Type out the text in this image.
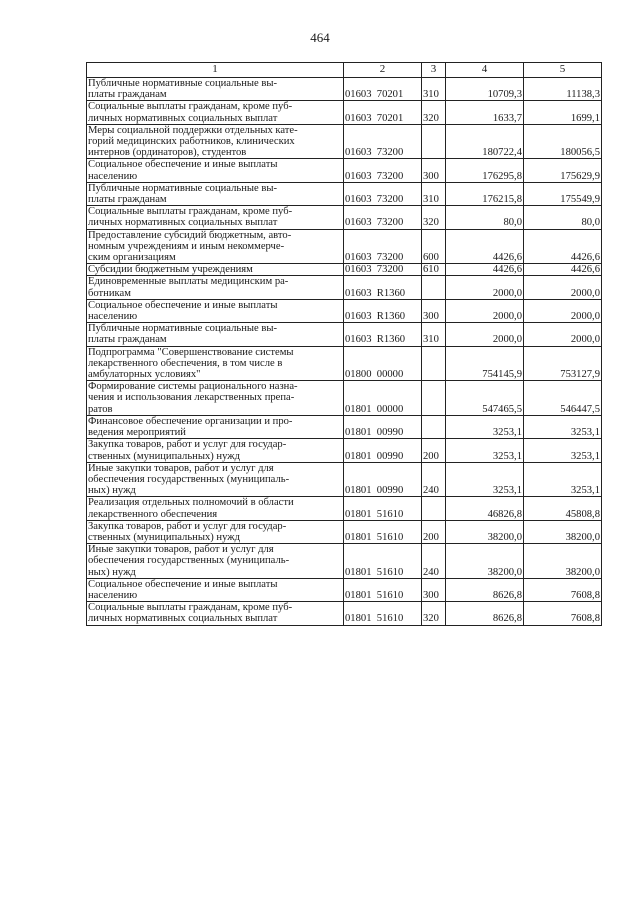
464
1	2	3	4	5
Публичные нормативные социальные вы-
платы гражданам	01603  70201	310	10709,3	11138,3
Социальные выплаты гражданам, кроме пуб-
личных нормативных социальных выплат	01603  70201	320	1633,7	1699,1
Меры социальной поддержки отдельных кате-
горий медицинских работников, клинических
интернов (ординаторов), студентов	01603  73200		180722,4	180056,5
Социальное обеспечение и иные выплаты
населению	01603  73200	300	176295,8	175629,9
Публичные нормативные социальные вы-
платы гражданам	01603  73200	310	176215,8	175549,9
Социальные выплаты гражданам, кроме пуб-
личных нормативных социальных выплат	01603  73200	320	80,0	80,0
Предоставление субсидий бюджетным, авто-
номным учреждениям и иным некоммерче-
ским организациям	01603  73200	600	4426,6	4426,6
Субсидии бюджетным учреждениям	01603  73200	610	4426,6	4426,6
Единовременные выплаты медицинским ра-
ботникам	01603  R1360		2000,0	2000,0
Социальное обеспечение и иные выплаты
населению	01603  R1360	300	2000,0	2000,0
Публичные нормативные социальные вы-
платы гражданам	01603  R1360	310	2000,0	2000,0
Подпрограмма "Совершенствование системы
лекарственного обеспечения, в том числе в
амбулаторных условиях"	01800  00000		754145,9	753127,9
Формирование системы рационального назна-
чения и использования лекарственных препа-
ратов	01801  00000		547465,5	546447,5
Финансовое обеспечение организации и про-
ведения мероприятий	01801  00990		3253,1	3253,1
Закупка товаров, работ и услуг для государ-
ственных (муниципальных) нужд	01801  00990	200	3253,1	3253,1
Иные закупки товаров, работ и услуг для
обеспечения государственных (муниципаль-
ных) нужд	01801  00990	240	3253,1	3253,1
Реализация отдельных полномочий в области
лекарственного обеспечения	01801  51610		46826,8	45808,8
Закупка товаров, работ и услуг для государ-
ственных (муниципальных) нужд	01801  51610	200	38200,0	38200,0
Иные закупки товаров, работ и услуг для
обеспечения государственных (муниципаль-
ных) нужд	01801  51610	240	38200,0	38200,0
Социальное обеспечение и иные выплаты
населению	01801  51610	300	8626,8	7608,8
Социальные выплаты гражданам, кроме пуб-
личных нормативных социальных выплат	01801  51610	320	8626,8	7608,8
